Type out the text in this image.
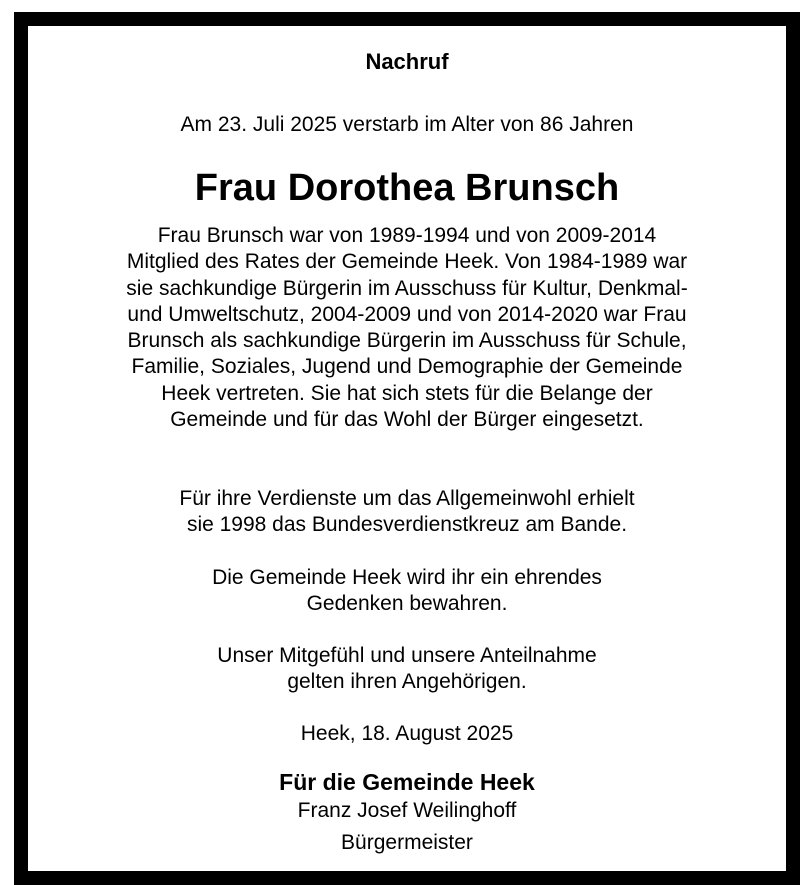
Nachruf
Am 23. Juli 2025 verstarb im Alter von 86 Jahren
Frau Dorothea Brunsch
Frau Brunsch war von 1989-1994 und von 2009-2014
Mitglied des Rates der Gemeinde Heek. Von 1984-1989 war
sie sachkundige Bürgerin im Ausschuss für Kultur, Denkmal-
und Umweltschutz, 2004-2009 und von 2014-2020 war Frau
Brunsch als sachkundige Bürgerin im Ausschuss für Schule,
Familie, Soziales, Jugend und Demographie der Gemeinde
Heek vertreten. Sie hat sich stets für die Belange der
Gemeinde und für das Wohl der Bürger eingesetzt.
Für ihre Verdienste um das Allgemeinwohl erhielt
sie 1998 das Bundesverdienstkreuz am Bande.
Die Gemeinde Heek wird ihr ein ehrendes
Gedenken bewahren.
Unser Mitgefühl und unsere Anteilnahme
gelten ihren Angehörigen.
Heek, 18. August 2025
Für die Gemeinde Heek
Franz Josef Weilinghoff
Bürgermeister
